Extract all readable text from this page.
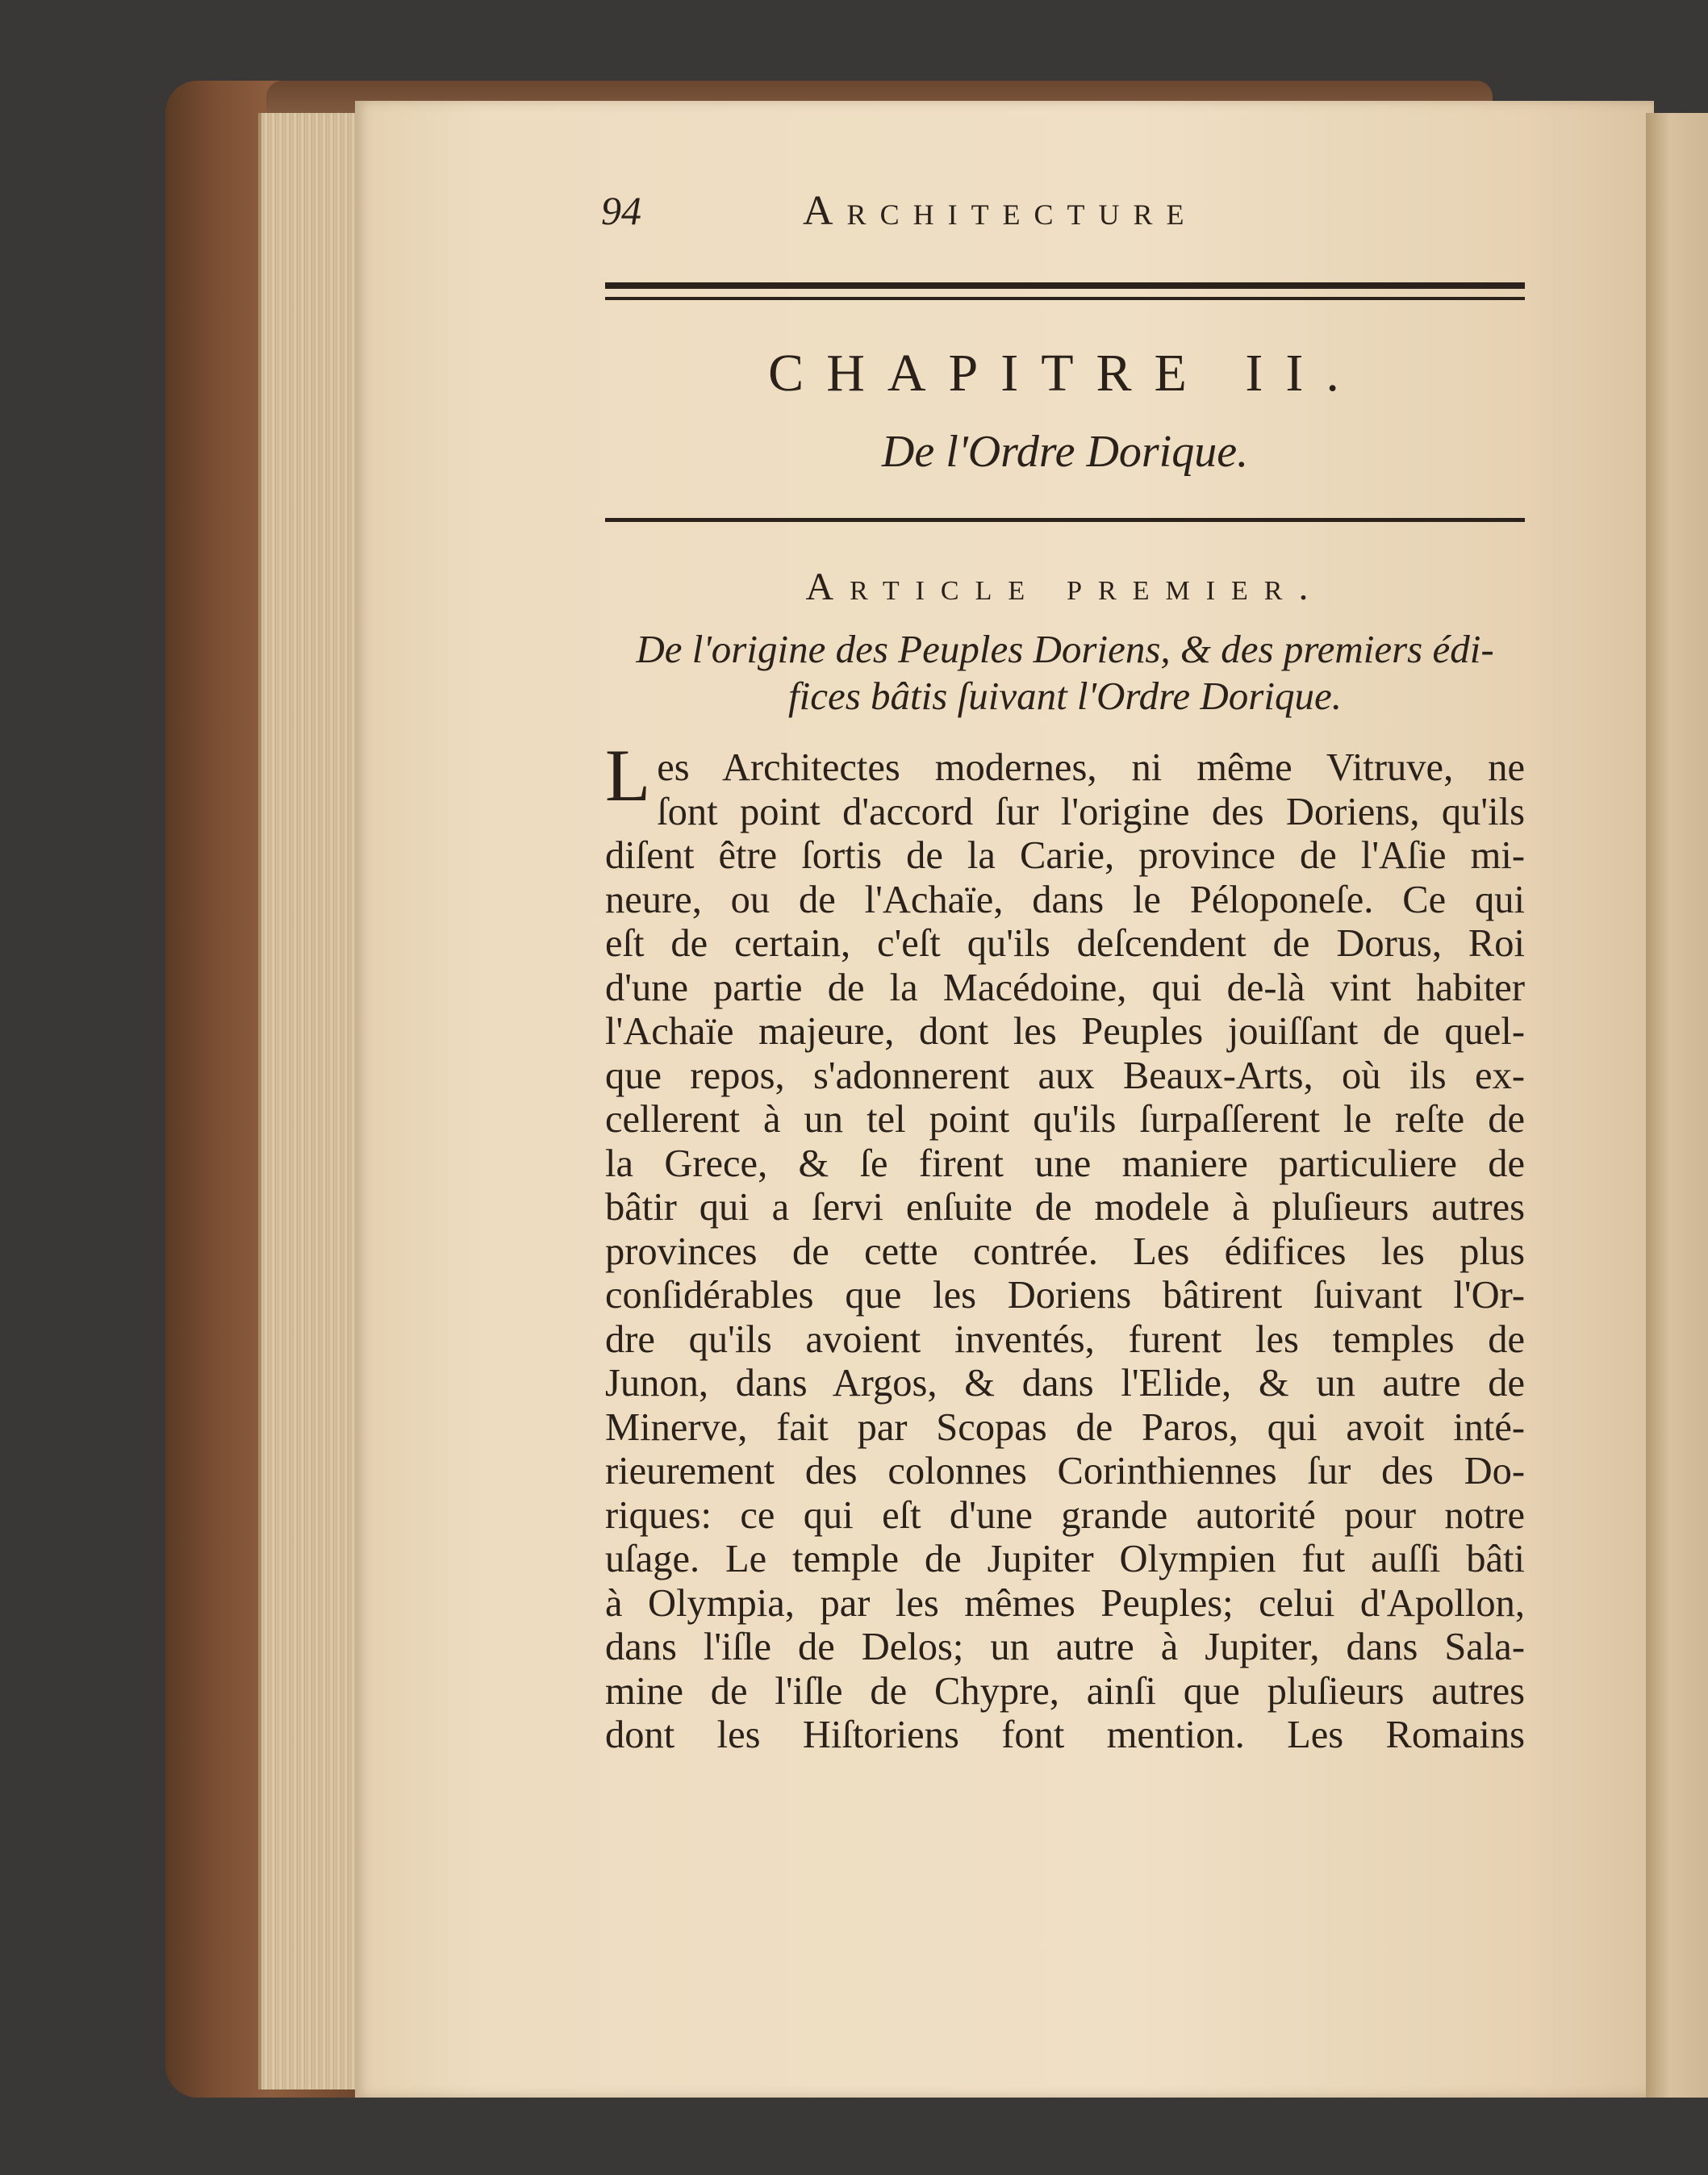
94	Architecture
CHAPITRE II.
De l'Ordre Dorique.
Article premier.
De l'origine des Peuples Doriens, & des premiers édi-
fices bâtis ſuivant l'Ordre Dorique.
Les Architectes modernes, ni même Vitruve, ne
ſont point d'accord ſur l'origine des Doriens, qu'ils
diſent être ſortis de la Carie, province de l'Aſie mi-
neure, ou de l'Achaïe, dans le Péloponeſe. Ce qui
eſt de certain, c'eſt qu'ils deſcendent de Dorus, Roi
d'une partie de la Macédoine, qui de-là vint habiter
l'Achaïe majeure, dont les Peuples jouiſſant de quel-
que repos, s'adonnerent aux Beaux-Arts, où ils ex-
cellerent à un tel point qu'ils ſurpaſſerent le reſte de
la Grece, & ſe firent une maniere particuliere de
bâtir qui a ſervi enſuite de modele à pluſieurs autres
provinces de cette contrée. Les édifices les plus
conſidérables que les Doriens bâtirent ſuivant l'Or-
dre qu'ils avoient inventés, furent les temples de
Junon, dans Argos, & dans l'Elide, & un autre de
Minerve, fait par Scopas de Paros, qui avoit inté-
rieurement des colonnes Corinthiennes ſur des Do-
riques: ce qui eſt d'une grande autorité pour notre
uſage. Le temple de Jupiter Olympien fut auſſi bâti
à Olympia, par les mêmes Peuples; celui d'Apollon,
dans l'iſle de Delos; un autre à Jupiter, dans Sala-
mine de l'iſle de Chypre, ainſi que pluſieurs autres
dont les Hiſtoriens font mention. Les Romains
